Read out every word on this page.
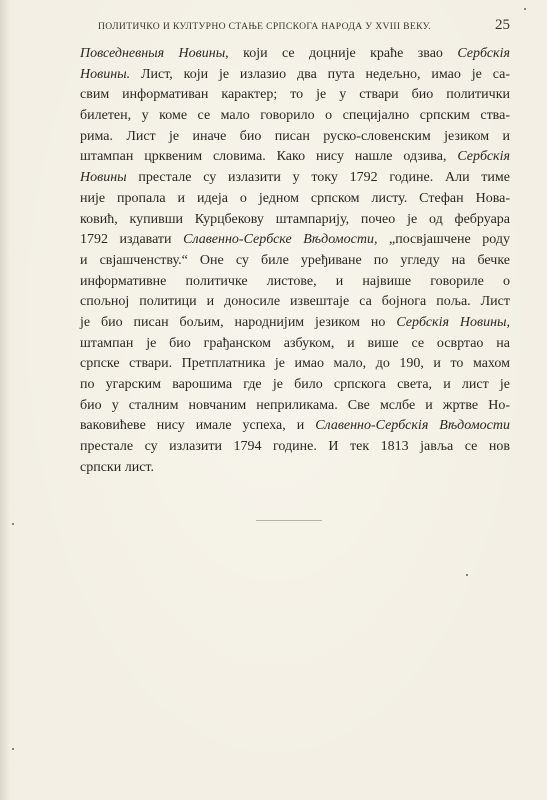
ПОЛИТИЧКО И КУЛТУРНО СТАЊЕ СРПСКОГА НАРОДА У XVIII ВЕКУ.	25
Повседневныя Новины, који се доцније краће звао Сербскія
Новины. Лист, који је излазио два пута недељно, имао је са-
свим информативан карактер; то је у ствари био политички
билетен, у коме се мало говорило о специјално српским ства-
рима. Лист је иначе био писан руско-словенским језиком и
штампан црквеним словима. Како нису нашле одзива, Сербскія
Новины престале су излазити у току 1792 године. Али тиме
није пропала и идеја о једном српском листу. Стефан Нова-
ковић, купивши Курцбекову штампарију, почео је од фебруара
1792 издавати Славенно-Сербске Вѣдомости, „посвјашчене роду
и свјашченству.“ Оне су биле уређиване по угледу на бечке
информативне политичке листове, и највише говориле о
спољној политици и доносиле извештаје са бојнога поља. Лист
је био писан бољим, народнијим језиком но Сербскія Новины,
штампан је био грађанском азбуком, и више се освртао на
српске ствари. Претплатника је имао мало, до 190, и то махом
по угарским варошима где је било српскога света, и лист је
био у сталним новчаним неприликама. Све мслбе и жртве Но-
ваковићеве нису имале успеха, и Славенно-Сербскія Вѣдомости
престале су излазити 1794 године. И тек 1813 јавља се нов
српски лист.
